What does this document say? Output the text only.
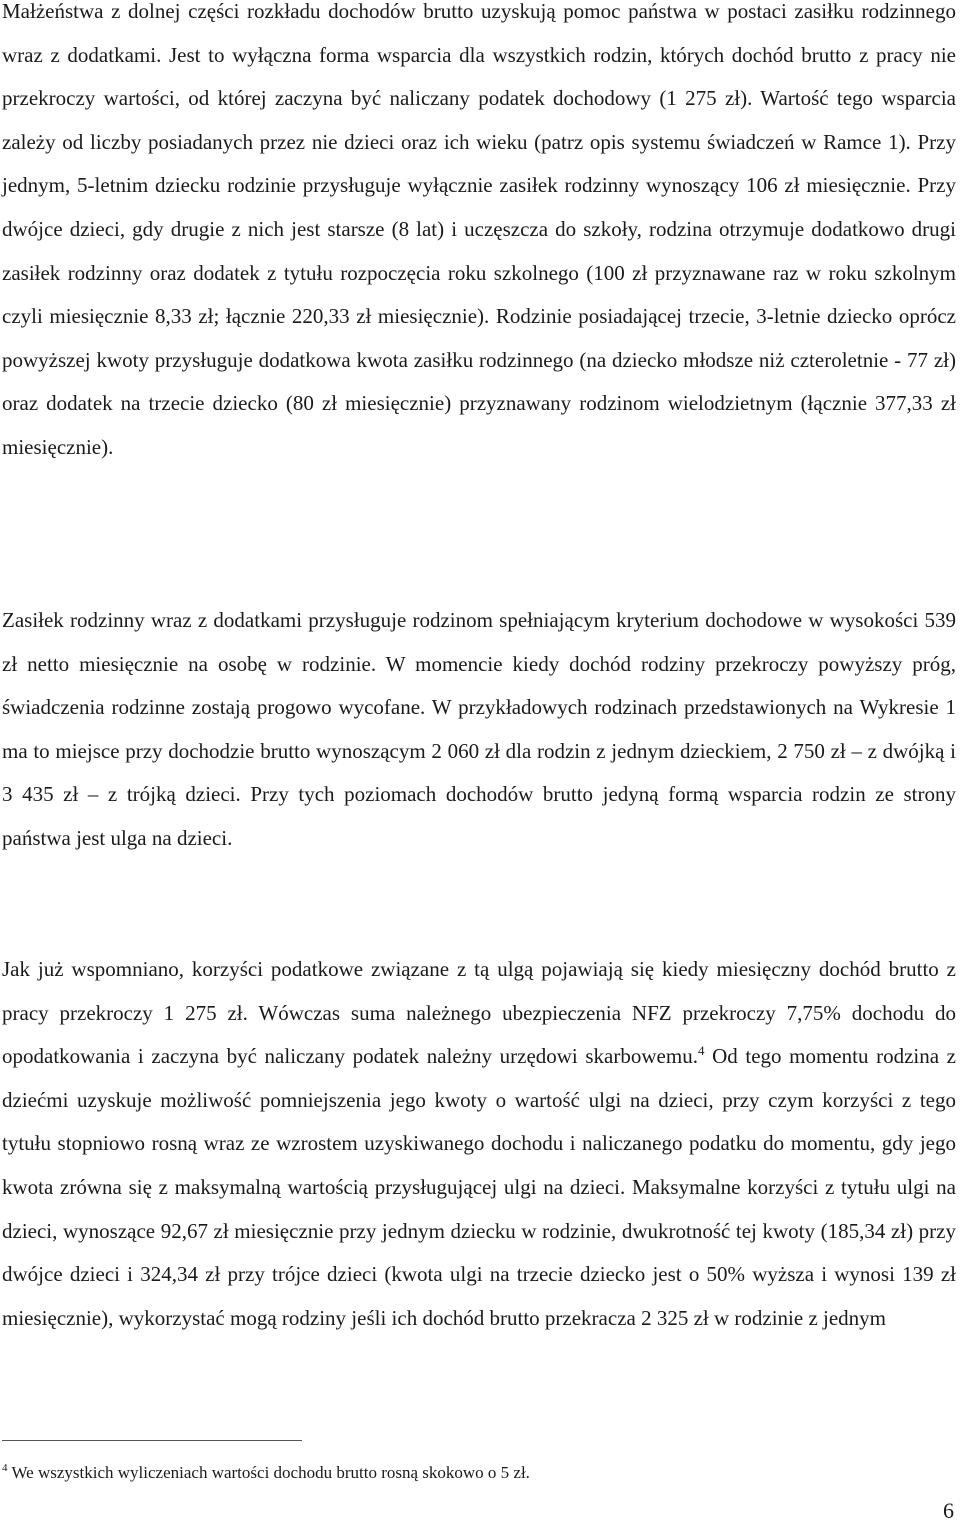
Małżeństwa z dolnej części rozkładu dochodów brutto uzyskują pomoc państwa w postaci zasiłku rodzinnego wraz z dodatkami. Jest to wyłączna forma wsparcia dla wszystkich rodzin, których dochód brutto z pracy nie przekroczy wartości, od której zaczyna być naliczany podatek dochodowy (1 275 zł). Wartość tego wsparcia zależy od liczby posiadanych przez nie dzieci oraz ich wieku (patrz opis systemu świadczeń w Ramce 1). Przy jednym, 5-letnim dziecku rodzinie przysługuje wyłącznie zasiłek rodzinny wynoszący 106 zł miesięcznie. Przy dwójce dzieci, gdy drugie z nich jest starsze (8 lat) i uczęszcza do szkoły, rodzina otrzymuje dodatkowo drugi zasiłek rodzinny oraz dodatek z tytułu rozpoczęcia roku szkolnego (100 zł przyznawane raz w roku szkolnym czyli miesięcznie 8,33 zł; łącznie 220,33 zł miesięcznie). Rodzinie posiadającej trzecie, 3-letnie dziecko oprócz powyższej kwoty przysługuje dodatkowa kwota zasiłku rodzinnego (na dziecko młodsze niż czteroletnie - 77 zł) oraz dodatek na trzecie dziecko (80 zł miesięcznie) przyznawany rodzinom wielodzietnym (łącznie 377,33 zł miesięcznie).

Zasiłek rodzinny wraz z dodatkami przysługuje rodzinom spełniającym kryterium dochodowe w wysokości 539 zł netto miesięcznie na osobę w rodzinie. W momencie kiedy dochód rodziny przekroczy powyższy próg, świadczenia rodzinne zostają progowo wycofane. W przykładowych rodzinach przedstawionych na Wykresie 1 ma to miejsce przy dochodzie brutto wynoszącym 2 060 zł dla rodzin z jednym dzieckiem, 2 750 zł – z dwójką i 3 435 zł – z trójką dzieci. Przy tych poziomach dochodów brutto jedyną formą wsparcia rodzin ze strony państwa jest ulga na dzieci.

Jak już wspomniano, korzyści podatkowe związane z tą ulgą pojawiają się kiedy miesięczny dochód brutto z pracy przekroczy 1 275 zł. Wówczas suma należnego ubezpieczenia NFZ przekroczy 7,75% dochodu do opodatkowania i zaczyna być naliczany podatek należny urzędowi skarbowemu.$^4$ Od tego momentu rodzina z dziećmi uzyskuje możliwość pomniejszenia jego kwoty o wartość ulgi na dzieci, przy czym korzyści z tego tytułu stopniowo rosną wraz ze wzrostem uzyskiwanego dochodu i naliczanego podatku do momentu, gdy jego kwota zrówna się z maksymalną wartością przysługującej ulgi na dzieci. Maksymalne korzyści z tytułu ulgi na dzieci, wynoszące 92,67 zł miesięcznie przy jednym dziecku w rodzinie, dwukrotność tej kwoty (185,34 zł) przy dwójce dzieci i 324,34 zł przy trójce dzieci (kwota ulgi na trzecie dziecko jest o 50% wyższa i wynosi 139 zł miesięcznie), wykorzystać mogą rodziny jeśli ich dochód brutto przekracza 2 325 zł w rodzinie z jednym

$^4$ We wszystkich wyliczeniach wartości dochodu brutto rosną skokowo o 5 zł.

6
